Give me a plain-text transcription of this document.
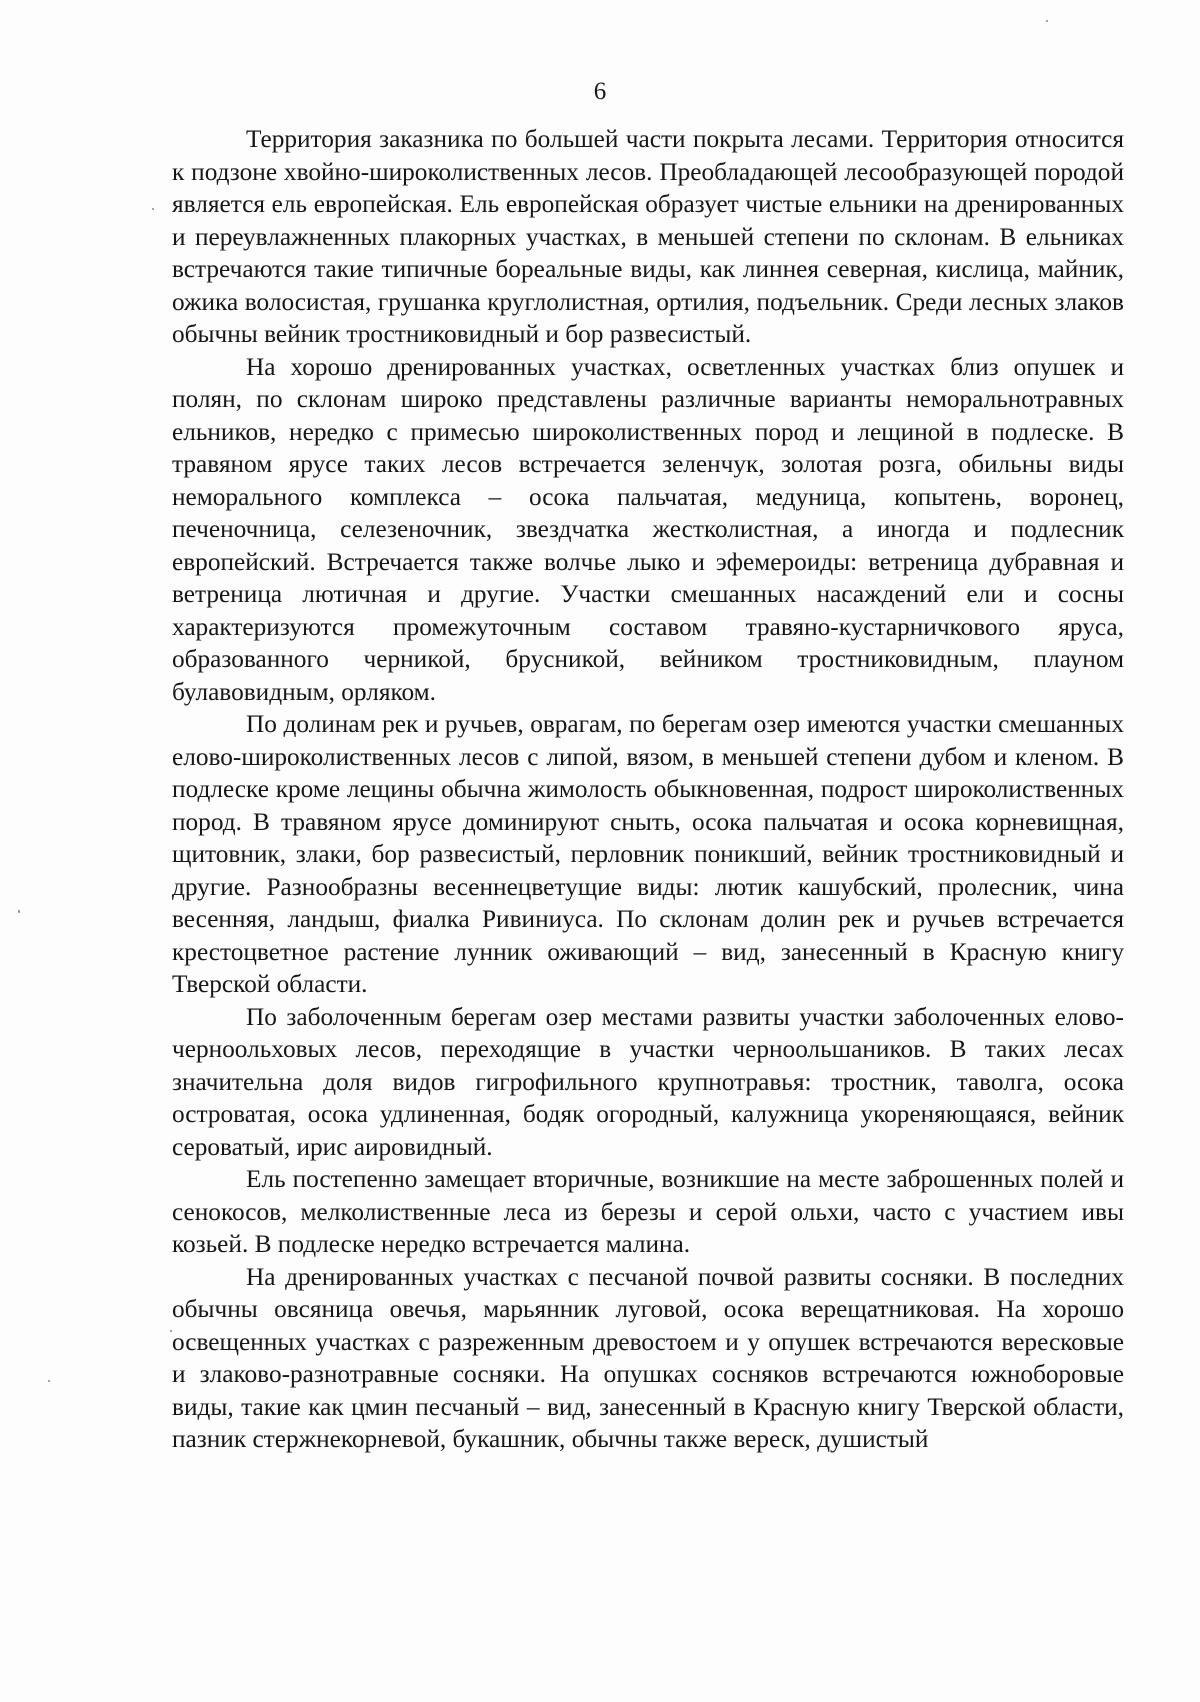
6

Территория заказника по большей части покрыта лесами. Территория относится к подзоне хвойно-широколиственных лесов. Преобладающей лесообразующей породой является ель европейская. Ель европейская образует чистые ельники на дренированных и переувлажненных плакорных участках, в меньшей степени по склонам. В ельниках встречаются такие типичные бореальные виды, как линнея северная, кислица, майник, ожика волосистая, грушанка круглолистная, ортилия, подъельник. Среди лесных злаков обычны вейник тростниковидный и бор развесистый.

На хорошо дренированных участках, осветленных участках близ опушек и полян, по склонам широко представлены различные варианты неморальнотравных ельников, нередко с примесью широколиственных пород и лещиной в подлеске. В травяном ярусе таких лесов встречается зеленчук, золотая розга, обильны виды неморального комплекса – осока пальчатая, медуница, копытень, воронец, печеночница, селезеночник, звездчатка жестколистная, а иногда и подлесник европейский. Встречается также волчье лыко и эфемероиды: ветреница дубравная и ветреница лютичная и другие. Участки смешанных насаждений ели и сосны характеризуются промежуточным составом травяно-кустарничкового яруса, образованного черникой, брусникой, вейником тростниковидным, плауном булавовидным, орляком.

По долинам рек и ручьев, оврагам, по берегам озер имеются участки смешанных елово-широколиственных лесов с липой, вязом, в меньшей степени дубом и кленом. В подлеске кроме лещины обычна жимолость обыкновенная, подрост широколиственных пород. В травяном ярусе доминируют сныть, осока пальчатая и осока корневищная, щитовник, злаки, бор развесистый, перловник поникший, вейник тростниковидный и другие. Разнообразны весеннецветущие виды: лютик кашубский, пролесник, чина весенняя, ландыш, фиалка Ривиниуса. По склонам долин рек и ручьев встречается крестоцветное растение лунник оживающий – вид, занесенный в Красную книгу Тверской области.

По заболоченным берегам озер местами развиты участки заболоченных елово-черноольховых лесов, переходящие в участки черноольшаников. В таких лесах значительна доля видов гигрофильного крупнотравья: тростник, таволга, осока островатая, осока удлиненная, бодяк огородный, калужница укореняющаяся, вейник сероватый, ирис аировидный.

Ель постепенно замещает вторичные, возникшие на месте заброшенных полей и сенокосов, мелколиственные леса из березы и серой ольхи, часто с участием ивы козьей. В подлеске нередко встречается малина.

На дренированных участках с песчаной почвой развиты сосняки. В последних обычны овсяница овечья, марьянник луговой, осока верещатниковая. На хорошо освещенных участках с разреженным древостоем и у опушек встречаются вересковые и злаково-разнотравные сосняки. На опушках сосняков встречаются южноборовые виды, такие как цмин песчаный – вид, занесенный в Красную книгу Тверской области, пазник стержнекорневой, букашник, обычны также вереск, душистый
